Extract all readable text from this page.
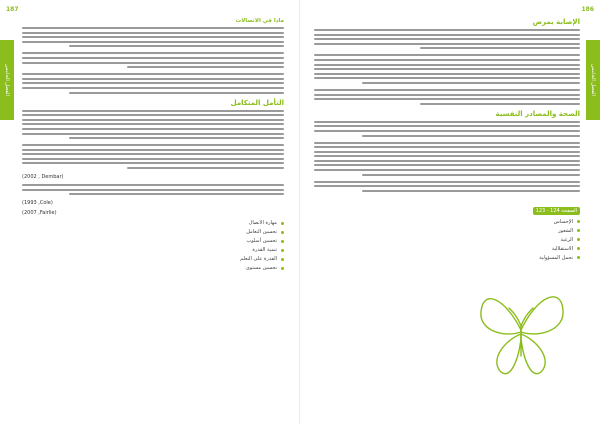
187
الفصل الخامس
ماذا في الاتصالات
التأمل المتكامل
(2002 , Dembar)
(1993 ,Cole)
(2007 ,Fairlie)
مهارة الاتصال
تحسين التعامل
تحسين أسلوب
تنمية القدرة
القدرة على التعلم
تحسين مستوى
186
الفصل الخامس
الإصابة بمرض
الصحة والمصادر النفسية
الصفحة 124 - 123
الإحساس
الشعور
الرغبة
الاستقلالية
تحمل المسؤولية
